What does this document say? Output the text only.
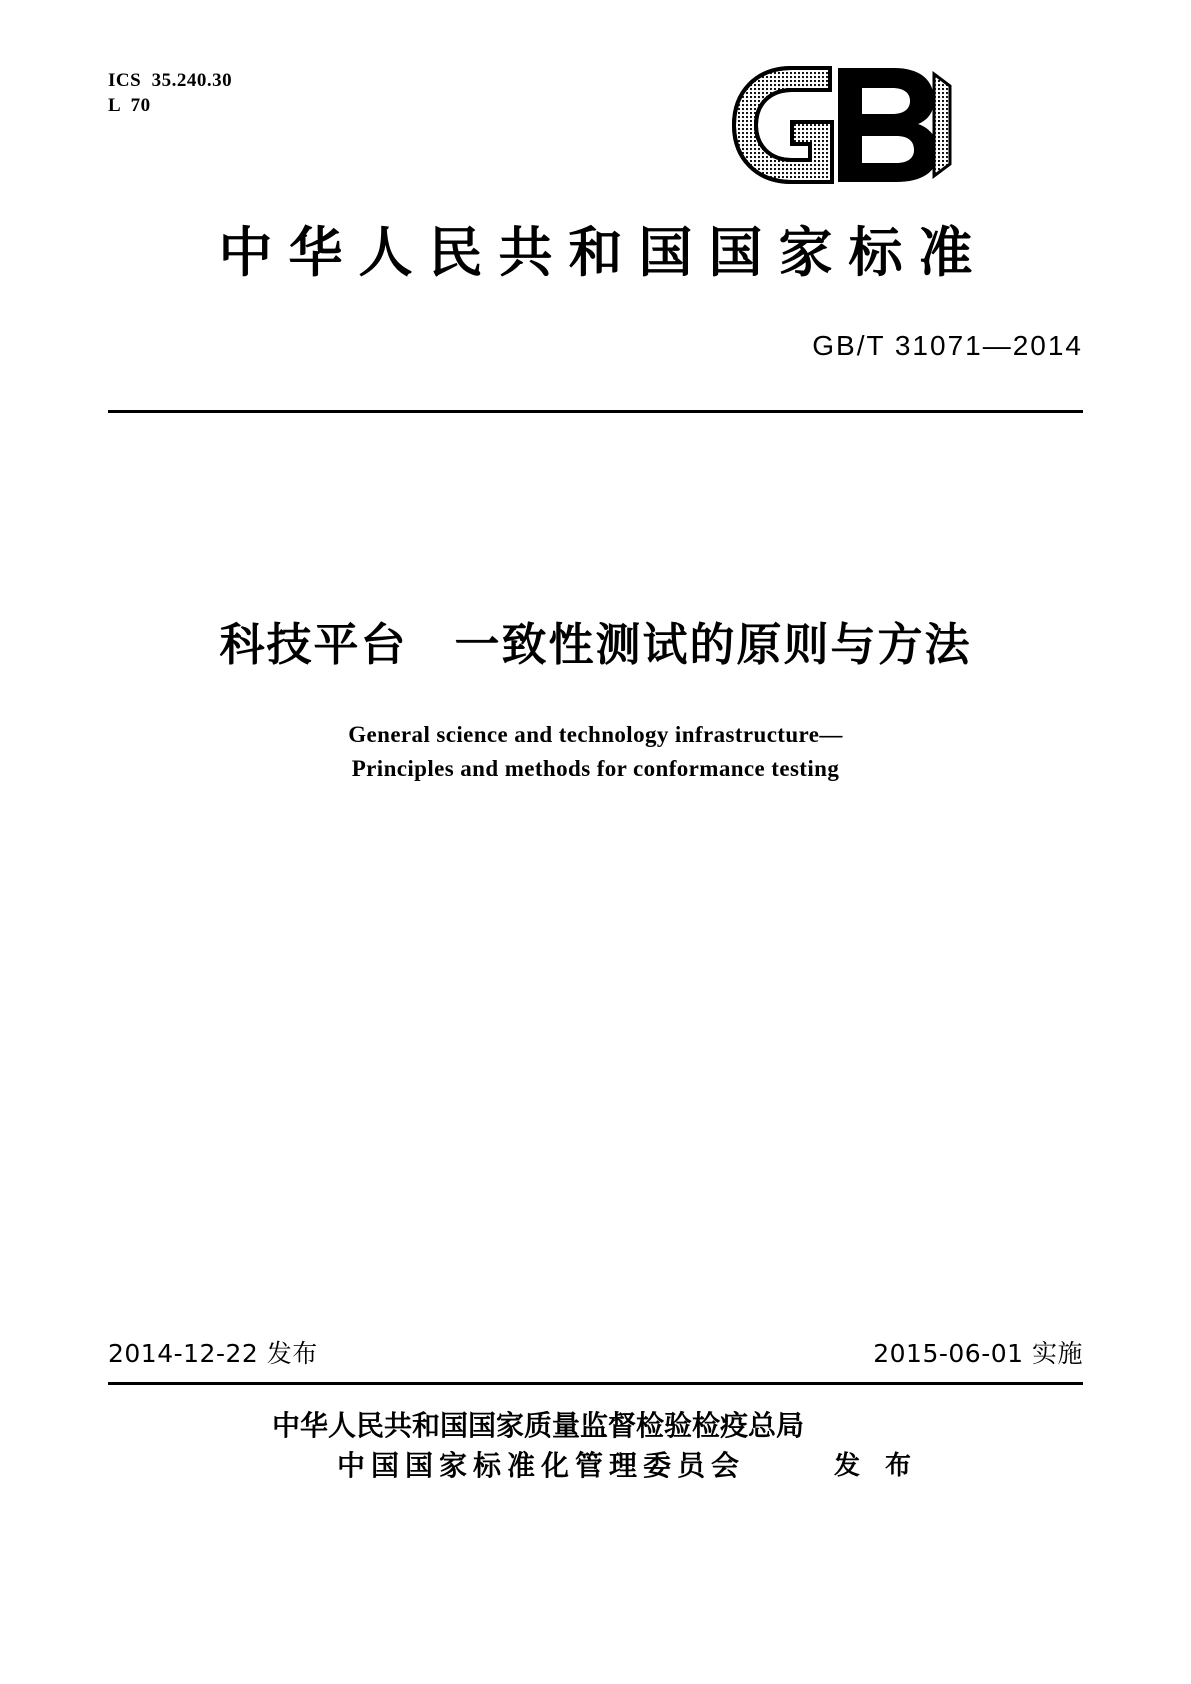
ICS  35.240.30
L  70
中华人民共和国国家标准
GB/T 31071—2014
科技平台　一致性测试的原则与方法
General science and technology infrastructure—
Principles and methods for conformance testing
2014-12-22 发布	2015-06-01 实施
中华人民共和国国家质量监督检验检疫总局
中国国家标准化管理委员会	发 布
